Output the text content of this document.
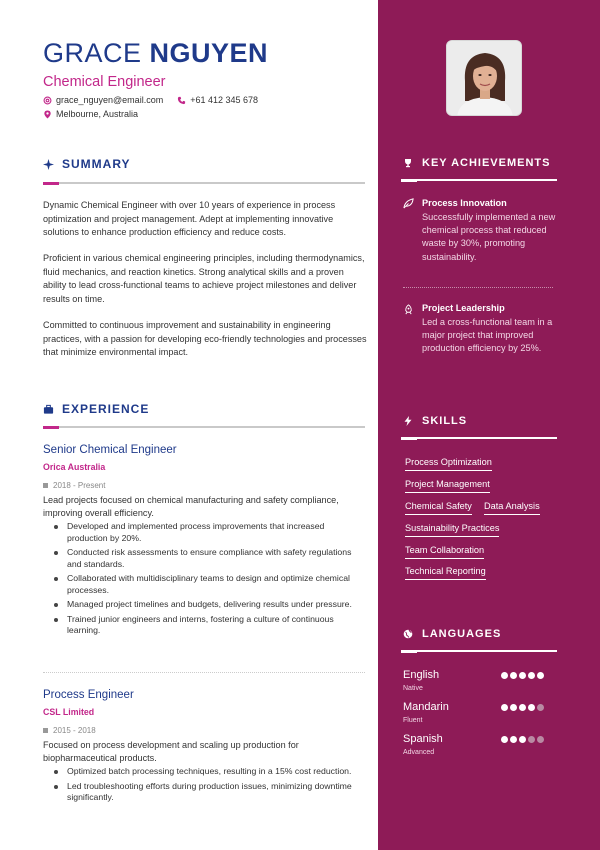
GRACE NGUYEN
Chemical Engineer
grace_nguyen@email.com	+61 412 345 678
Melbourne, Australia
SUMMARY
Dynamic Chemical Engineer with over 10 years of experience in process optimization and project management. Adept at implementing innovative solutions to enhance production efficiency and reduce costs.
Proficient in various chemical engineering principles, including thermodynamics, fluid mechanics, and reaction kinetics. Strong analytical skills and a proven ability to lead cross-functional teams to achieve project milestones and deliver results on time.
Committed to continuous improvement and sustainability in engineering practices, with a passion for developing eco-friendly technologies and processes that minimize environmental impact.
EXPERIENCE
Senior Chemical Engineer
Orica Australia
2018 - Present
Lead projects focused on chemical manufacturing and safety compliance, improving overall efficiency.
Developed and implemented process improvements that increased production by 20%.
Conducted risk assessments to ensure compliance with safety regulations and standards.
Collaborated with multidisciplinary teams to design and optimize chemical processes.
Managed project timelines and budgets, delivering results under pressure.
Trained junior engineers and interns, fostering a culture of continuous learning.
Process Engineer
CSL Limited
2015 - 2018
Focused on process development and scaling up production for biopharmaceutical products.
Optimized batch processing techniques, resulting in a 15% cost reduction.
Led troubleshooting efforts during production issues, minimizing downtime significantly.
KEY ACHIEVEMENTS
Process Innovation
Successfully implemented a new chemical process that reduced waste by 30%, promoting sustainability.
Project Leadership
Led a cross-functional team in a major project that improved production efficiency by 25%.
SKILLS
Process Optimization
Project Management
Chemical Safety Data Analysis
Sustainability Practices
Team Collaboration
Technical Reporting
LANGUAGES
English
Native
Mandarin
Fluent
Spanish
Advanced
